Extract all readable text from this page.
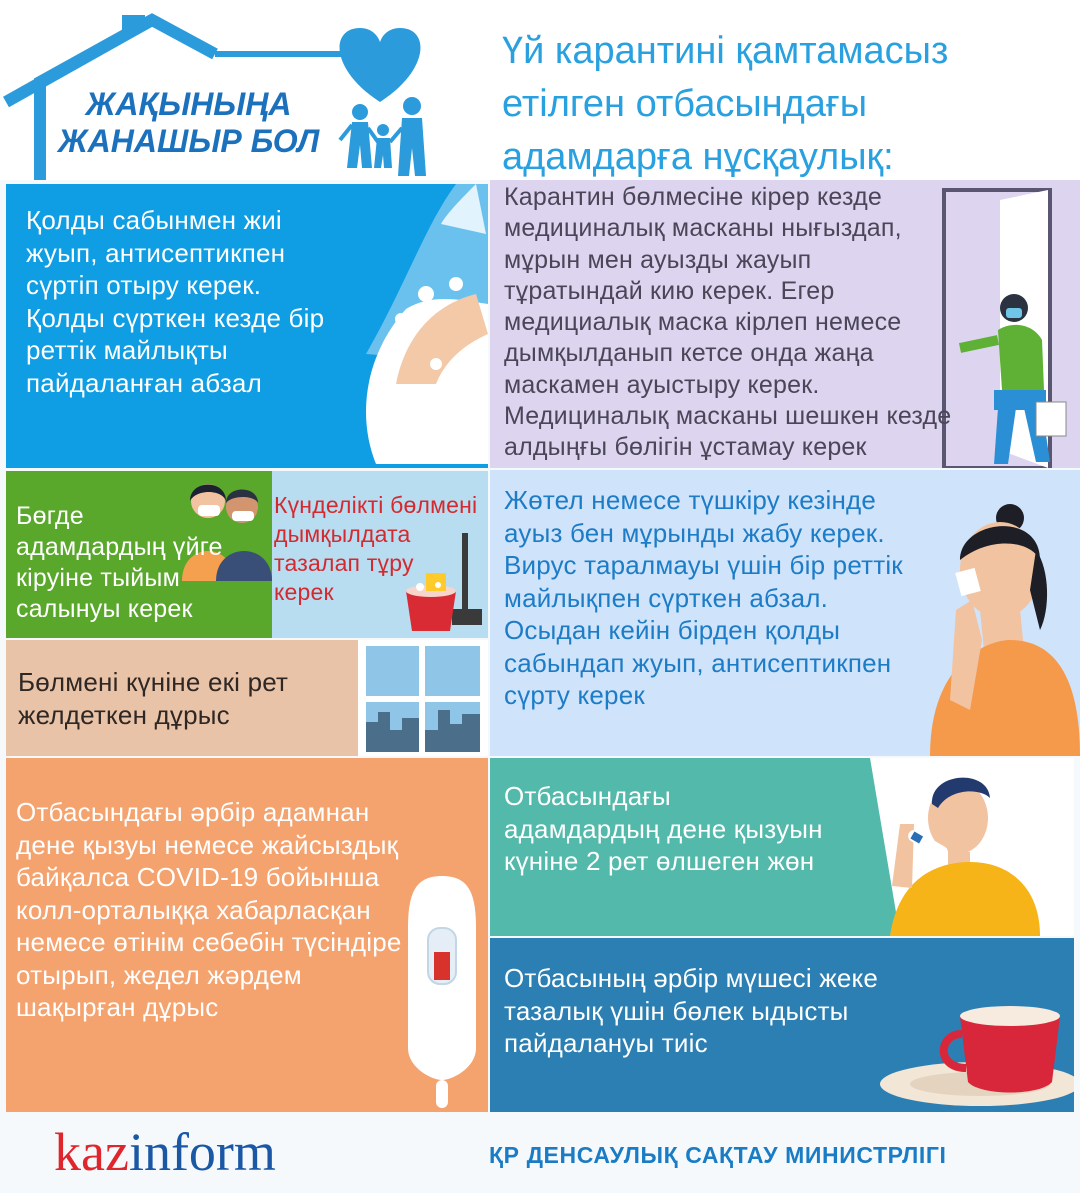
ЖАҚЫНЫҢА
ЖАНАШЫР БОЛ
Үй карантині қамтамасыз
етілген отбасындағы
адамдарға нұсқаулық:
Қолды сабынмен жиі
жуып, антисептикпен
сүртіп отыру керек.
Қолды сүрткен кезде бір
реттік майлықты
пайдаланған абзал
Карантин бөлмесіне кірер кезде
медициналық масканы нығыздап,
мұрын мен ауызды жауып
тұратындай кию керек. Егер
медициалық маска кірлеп немесе
дымқылданып кетсе онда жаңа
маскамен ауыстыру керек.
Медициналық масканы шешкен кезде
алдыңғы бөлігін ұстамау керек
Бөгде
адамдардың үйге
кіруіне тыйым
салынуы керек
Күнделікті бөлмені
дымқылдата
тазалап тұру
керек
Бөлмені күніне екі рет
желдеткен дұрыс
Жөтел немесе түшкіру кезінде
ауыз бен мұрынды жабу керек.
Вирус таралмауы үшін бір реттік
майлықпен сүрткен абзал.
Осыдан кейін бірден қолды
сабындап жуып, антисептикпен
сүрту керек
Отбасындағы әрбір адамнан
дене қызуы немесе жайсыздық
байқалса COVID-19 бойынша
колл-орталыққа хабарласқан
немесе өтінім себебін түсіндіре
отырып, жедел жәрдем
шақырған дұрыс
Отбасындағы
адамдардың дене қызуын
күніне 2 рет өлшеген жөн
Отбасының әрбір мүшесі жеке
тазалық үшін бөлек ыдысты
пайдалануы тиіс
kazinform	ҚР ДЕНСАУЛЫҚ САҚТАУ МИНИСТРЛІГІ
